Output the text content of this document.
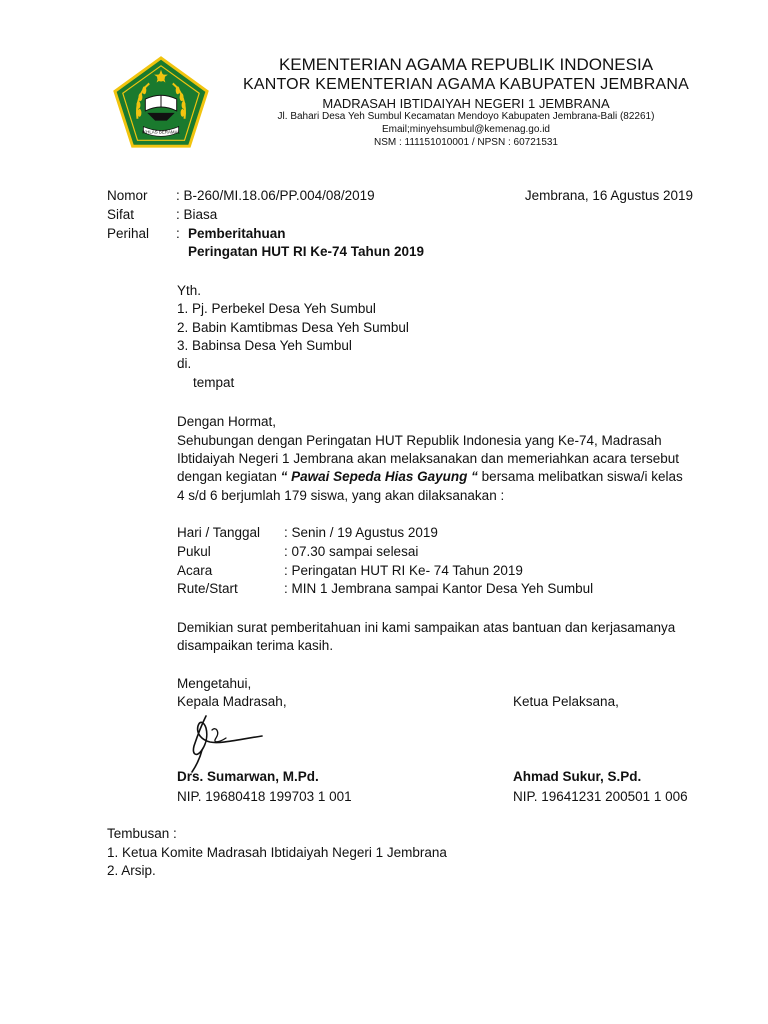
IKHLAS BERAMAL
KEMENTERIAN AGAMA REPUBLIK INDONESIA
KANTOR KEMENTERIAN AGAMA KABUPATEN JEMBRANA
MADRASAH IBTIDAIYAH NEGERI 1 JEMBRANA
Jl. Bahari Desa Yeh Sumbul Kecamatan Mendoyo Kabupaten Jembrana-Bali (82261)
Email;minyehsumbul@kemenag.go.id
NSM : 111151010001 / NPSN : 60721531
Nomor : B-260/MI.18.06/PP.004/08/2019	Jembrana, 16 Agustus 2019
Sifat	: Biasa
Perihal : Pemberitahuan
Peringatan HUT RI Ke-74 Tahun 2019
Yth.
1. Pj. Perbekel Desa Yeh Sumbul
2. Babin Kamtibmas Desa Yeh Sumbul
3. Babinsa Desa Yeh Sumbul
di.
tempat
Dengan Hormat,
Sehubungan dengan Peringatan HUT Republik Indonesia yang Ke-74, Madrasah
Ibtidaiyah Negeri 1 Jembrana akan melaksanakan dan memeriahkan acara tersebut
dengan kegiatan “ Pawai Sepeda Hias Gayung “ bersama melibatkan siswa/i kelas
4 s/d 6 berjumlah 179 siswa, yang akan dilaksanakan :
Hari / Tanggal : Senin / 19 Agustus 2019
Pukul	: 07.30 sampai selesai
Acara	: Peringatan HUT RI Ke- 74 Tahun 2019
Rute/Start	: MIN 1 Jembrana sampai Kantor Desa Yeh Sumbul
Demikian surat pemberitahuan ini kami sampaikan atas bantuan dan kerjasamanya
disampaikan terima kasih.
Mengetahui,
Kepala Madrasah,	Ketua Pelaksana,
Drs. Sumarwan, M.Pd.	Ahmad Sukur, S.Pd.
NIP. 19680418 199703 1 001	NIP. 19641231 200501 1 006
Tembusan :
1. Ketua Komite Madrasah Ibtidaiyah Negeri 1 Jembrana
2. Arsip.
